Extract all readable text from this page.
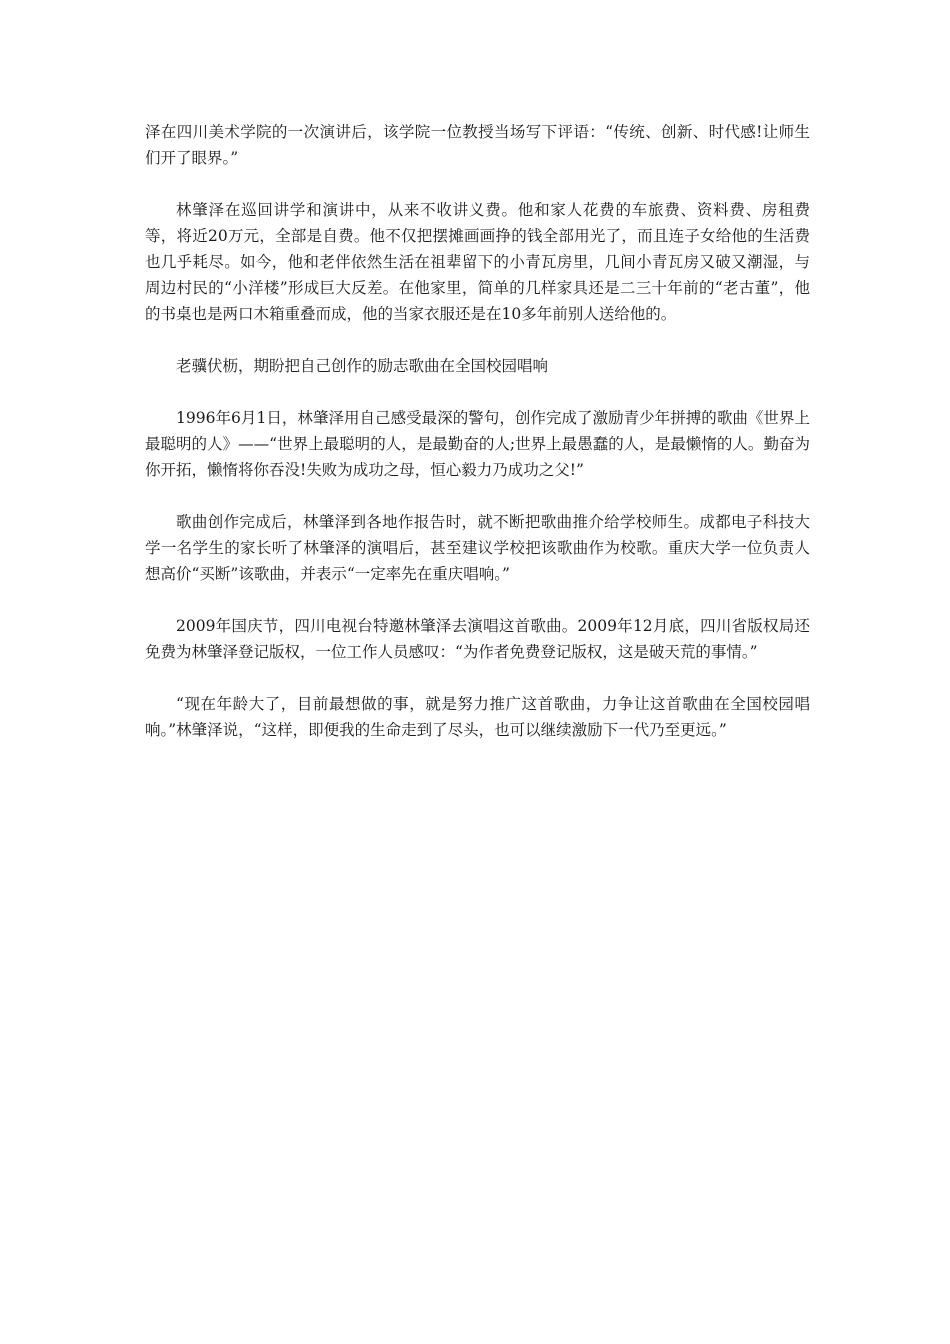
泽在四川美术学院的一次演讲后，该学院一位教授当场写下评语：“传统、创新、时代感!让师生们开了眼界。”

林肇泽在巡回讲学和演讲中，从来不收讲义费。他和家人花费的车旅费、资料费、房租费等，将近20万元，全部是自费。他不仅把摆摊画画挣的钱全部用光了，而且连子女给他的生活费也几乎耗尽。如今，他和老伴依然生活在祖辈留下的小青瓦房里，几间小青瓦房又破又潮湿，与周边村民的“小洋楼”形成巨大反差。在他家里，简单的几样家具还是二三十年前的“老古董”，他的书桌也是两口木箱重叠而成，他的当家衣服还是在10多年前别人送给他的。

老骥伏枥，期盼把自己创作的励志歌曲在全国校园唱响

1996年6月1日，林肇泽用自己感受最深的警句，创作完成了激励青少年拼搏的歌曲《世界上最聪明的人》——“世界上最聪明的人，是最勤奋的人;世界上最愚蠢的人，是最懒惰的人。勤奋为你开拓，懒惰将你吞没!失败为成功之母，恒心毅力乃成功之父!”

歌曲创作完成后，林肇泽到各地作报告时，就不断把歌曲推介给学校师生。成都电子科技大学一名学生的家长听了林肇泽的演唱后，甚至建议学校把该歌曲作为校歌。重庆大学一位负责人想高价“买断”该歌曲，并表示“一定率先在重庆唱响。”

2009年国庆节，四川电视台特邀林肇泽去演唱这首歌曲。2009年12月底，四川省版权局还免费为林肇泽登记版权，一位工作人员感叹：“为作者免费登记版权，这是破天荒的事情。”

“现在年龄大了，目前最想做的事，就是努力推广这首歌曲，力争让这首歌曲在全国校园唱响。”林肇泽说，“这样，即便我的生命走到了尽头，也可以继续激励下一代乃至更远。”
